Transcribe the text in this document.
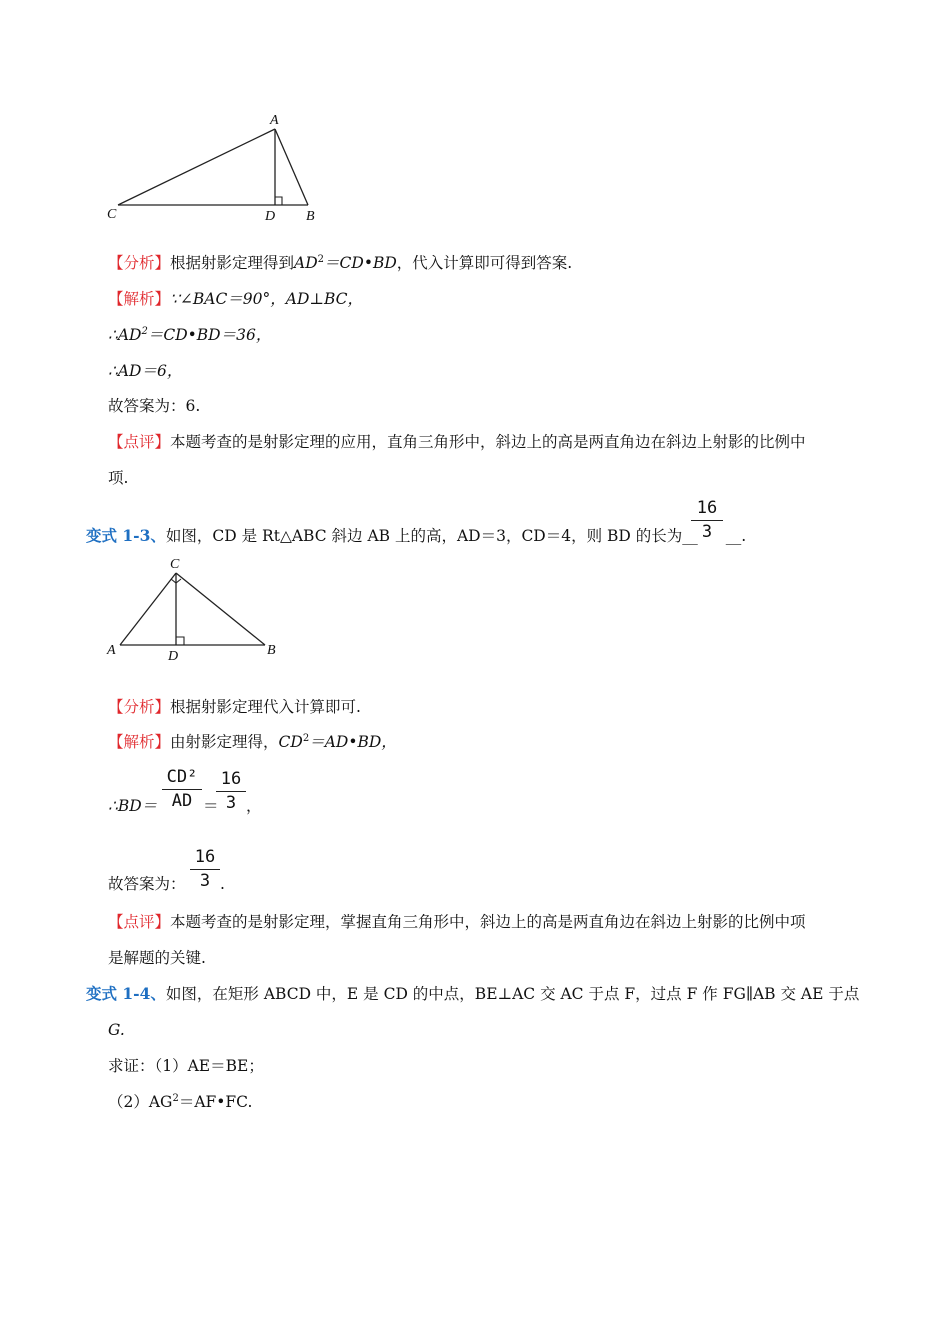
A
C	D B
【分析】根据射影定理得到$AD^2=CD•BD$，代入计算即可得到答案.
【解析】∵∠BAC＝90°，AD⊥BC，
$\therefore AD^2=CD•BD=36$，
∴AD＝6，
故答案为：6.
【点评】本题考查的是射影定理的应用，直角三角形中，斜边上的高是两直角边在斜边上射影的比例中
项.
变式 1-3、如图，CD 是 Rt△ABC 斜边 AB 上的高，AD＝3，CD＝4，则 BD 的长为__ __.
$\frac{16}{3}$
C
A	D	B
【分析】根据射影定理代入计算即可.
【解析】由射影定理得，$CD^2=AD•BD$，
∴BD＝ $\frac{\text{CD²}}{AD}$ ＝
$\frac{16}{3}$ ，
故答案为： $\frac{16}{3}$ .
【点评】本题考查的是射影定理，掌握直角三角形中，斜边上的高是两直角边在斜边上射影的比例中项
是解题的关键.
变式 1-4、如图，在矩形 ABCD 中，E 是 CD 的中点，BE⊥AC 交 AC 于点 F，过点 F 作 FG∥AB 交 AE 于点
G.
求证：（1）AE＝BE；
$(2)AG^2=AF•FC$.
